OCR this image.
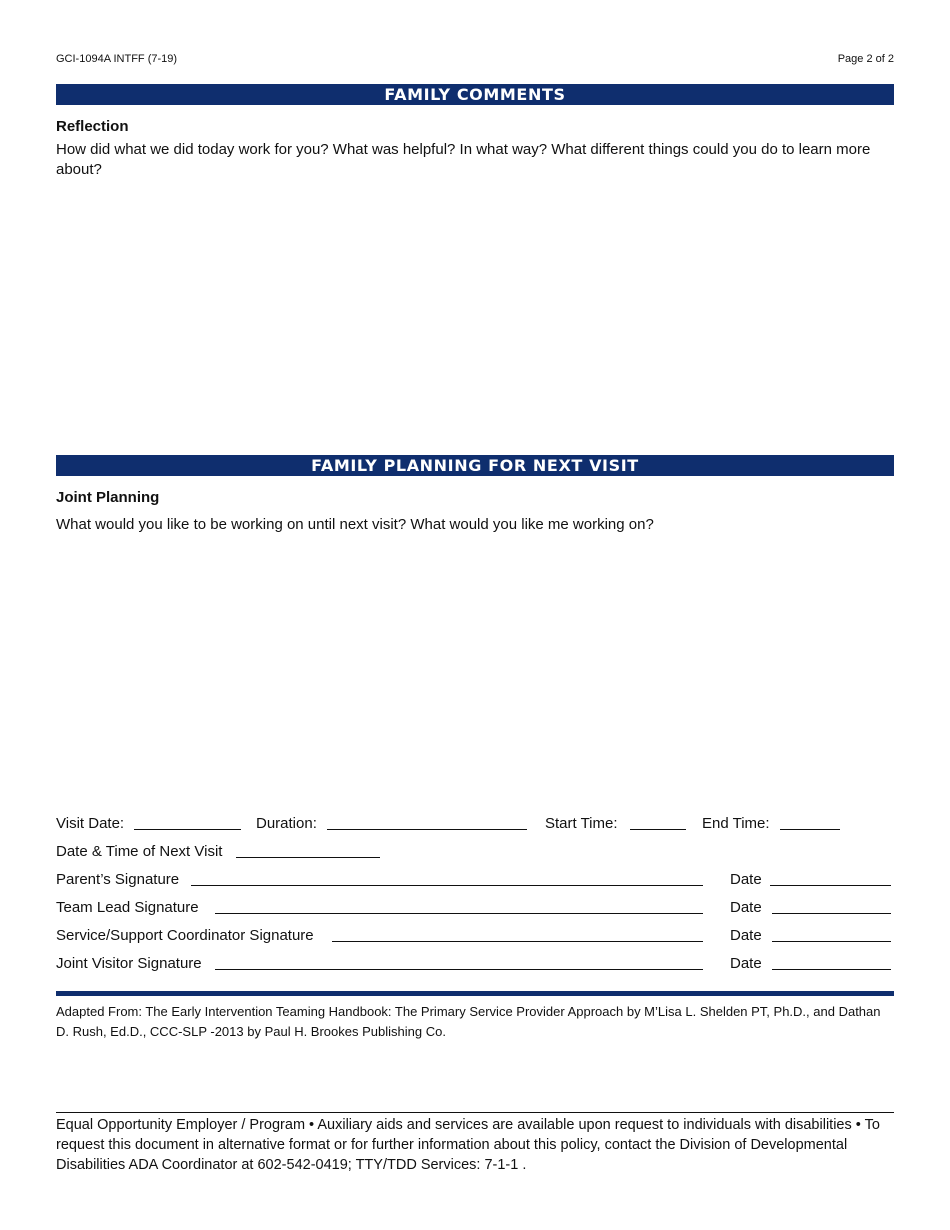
GCI-1094A INTFF (7-19)	Page 2 of 2
FAMILY COMMENTS
Reflection
How did what we did today work for you? What was helpful? In what way? What different things could you do to learn more about?
FAMILY PLANNING FOR NEXT VISIT
Joint Planning
What would you like to be working on until next visit? What would you like me working on?
Visit Date:	Duration:	Start Time:	End Time:
Date & Time of Next Visit
Parent’s Signature	Date
Team Lead Signature	Date
Service/Support Coordinator Signature	Date
Joint Visitor Signature	Date
Adapted From: The Early Intervention Teaming Handbook: The Primary Service Provider Approach by M’Lisa L. Shelden PT, Ph.D., and Dathan D. Rush, Ed.D., CCC-SLP -2013 by Paul H. Brookes Publishing Co.
Equal Opportunity Employer / Program • Auxiliary aids and services are available upon request to individuals with disabilities • To request this document in alternative format or for further information about this policy, contact the Division of Developmental Disabilities ADA Coordinator at 602-542-0419; TTY/TDD Services: 7-1-1 .
